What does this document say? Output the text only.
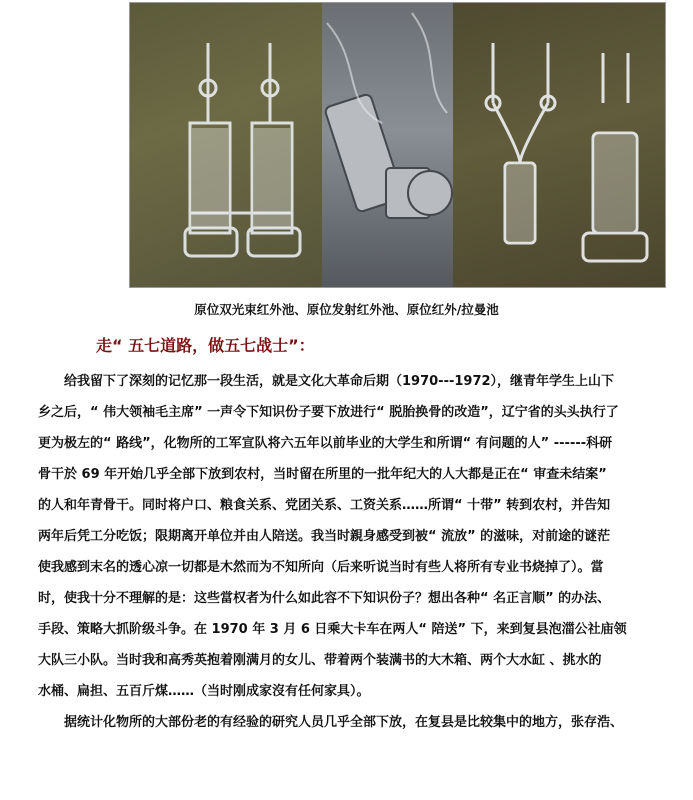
原位双光束红外池、原位发射红外池、原位红外/拉曼池
走“ 五七道路，做五七战士”：
给我留下了深刻的记忆那一段生活，就是文化大革命后期（1970---1972），继青年学生上山下
乡之后，“ 伟大领袖毛主席” 一声令下知识份子要下放进行“ 脱胎换骨的改造”，辽宁省的头头执行了
更为极左的“ 路线”，化物所的工军宣队将六五年以前毕业的大学生和所谓“ 有问题的人” ------科研
骨干於 69 年开始几乎全部下放到农村，当时留在所里的一批年纪大的人大都是正在“ 审查未结案”
的人和年青骨干。同时将户口、粮食关系、党团关系、工资关系……所谓“ 十带” 转到农村，并告知
两年后凭工分吃饭；限期离开单位并由人陪送。我当时親身感受到被“ 流放” 的滋味，对前途的谜茫
使我感到末名的透心凉一切都是木然而为不知所向（后来听说当时有些人将所有专业书烧掉了）。當
时，使我十分不理解的是：这些當权者为什么如此容不下知识份子？想出各种“ 名正言顺” 的办法、
手段、策略大抓阶级斗争。在 1970 年 3 月 6 日乘大卡车在两人“ 陪送” 下，来到复县泡湽公社庙领
大队三小队。当时我和高秀英抱着刚满月的女儿、带着两个装满书的大木箱、两个大水缸 、挑水的
水桶、扁担、五百斤煤……（当时刚成家沒有任何家具）。
据统计化物所的大部份老的有经验的研究人员几乎全部下放，在复县是比较集中的地方，张存浩、
